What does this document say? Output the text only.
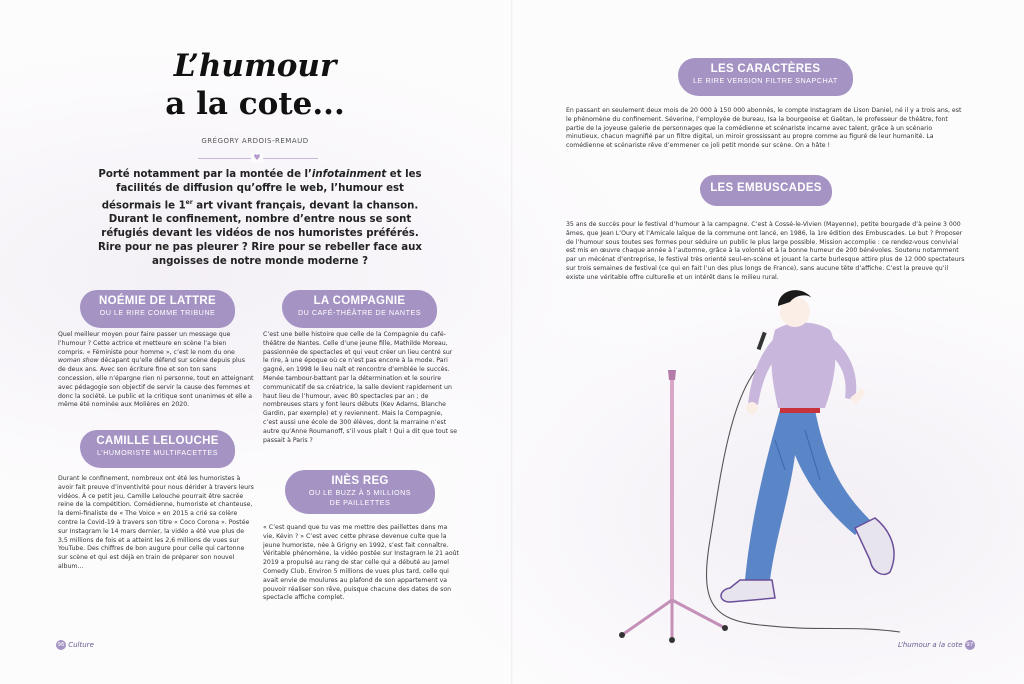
L’humour
a la cote...
GRÉGORY ARDOIS-REMAUD
♥
Porté notamment par la montée de l’infotainment et les facilités de diffusion qu’offre le web, l’humour est désormais le 1er art vivant français, devant la chanson. Durant le confinement, nombre d’entre nous se sont réfugiés devant les vidéos de nos humoristes préférés. Rire pour ne pas pleurer ? Rire pour se rebeller face aux angoisses de notre monde moderne ?
NOÉMIE DE LATTRE
OU LE RIRE COMME TRIBUNE
Quel meilleur moyen pour faire passer un message que l’humour ? Cette actrice et metteure en scène l’a bien compris. « Féministe pour homme », c’est le nom du one woman show décapant qu’elle défend sur scène depuis plus de deux ans. Avec son écriture fine et son ton sans concession, elle n’épargne rien ni personne, tout en atteignant avec pédagogie son objectif de servir la cause des femmes et donc la société. Le public et la critique sont unanimes et elle a même été nominée aux Molières en 2020.
CAMILLE LELOUCHE
L’HUMORISTE MULTIFACETTES
Durant le confinement, nombreux ont été les humoristes à avoir fait preuve d’inventivité pour nous dérider à travers leurs vidéos. À ce petit jeu, Camille Lelouche pourrait être sacrée reine de la compétition. Comédienne, humoriste et chanteuse, la demi-finaliste de « The Voice » en 2015 a crié sa colère contre la Covid-19 à travers son titre « Coco Corona ». Postée sur Instagram le 14 mars dernier, la vidéo a été vue plus de 3,5 millions de fois et a atteint les 2,6 millions de vues sur YouTube. Des chiffres de bon augure pour celle qui cartonne sur scène et qui est déjà en train de préparer son nouvel album...
LA COMPAGNIE
DU CAFÉ-THÉÂTRE DE NANTES
C’est une belle histoire que celle de la Compagnie du café-théâtre de Nantes. Celle d’une jeune fille, Mathilde Moreau, passionnée de spectacles et qui veut créer un lieu centré sur le rire, à une époque où ce n’est pas encore à la mode. Pari gagné, en 1998 le lieu naît et rencontre d’emblée le succès. Menée tambour-battant par la détermination et le sourire communicatif de sa créatrice, la salle devient rapidement un haut lieu de l’humour, avec 80 spectacles par an ; de nombreuses stars y font leurs débuts (Kev Adams, Blanche Gardin, par exemple) et y reviennent. Mais la Compagnie, c’est aussi une école de 300 élèves, dont la marraine n’est autre qu’Anne Roumanoff, s’il vous plaît ! Qui a dit que tout se passait à Paris ?
INÈS REG
OU LE BUZZ À 5 MILLIONS
DE PAILLETTES
« C’est quand que tu vas me mettre des paillettes dans ma vie, Kévin ? » C’est avec cette phrase devenue culte que la jeune humoriste, née à Grigny en 1992, s’est fait connaître. Véritable phénomène, la vidéo postée sur Instagram le 21 août 2019 a propulsé au rang de star celle qui a débuté au Jamel Comedy Club. Environ 5 millions de vues plus tard, celle qui avait envie de moulures au plafond de son appartement va pouvoir réaliser son rêve, puisque chacune des dates de son spectacle affiche complet.
LES CARACTÈRES
LE RIRE VERSION FILTRE SNAPCHAT
En passant en seulement deux mois de 20 000 à 150 000 abonnés, le compte Instagram de Lison Daniel, né il y a trois ans, est le phénomène du confinement. Séverine, l’employée de bureau, Isa la bourgeoise et Gaëtan, le professeur de théâtre, font partie de la joyeuse galerie de personnages que la comédienne et scénariste incarne avec talent, grâce à un scénario minutieux, chacun magnifié par un filtre digital, un miroir grossissant au propre comme au figuré de leur humanité. La comédienne et scénariste rêve d’emmener ce joli petit monde sur scène. On a hâte !
LES EMBUSCADES
35 ans de succès pour le festival d’humour à la campagne. C’est à Cossé-le-Vivien (Mayenne), petite bourgade d’à peine 3 000 âmes, que Jean L’Oury et l’Amicale laïque de la commune ont lancé, en 1986, la 1re édition des Embuscades. Le but ? Proposer de l’humour sous toutes ses formes pour séduire un public le plus large possible. Mission accomplie : ce rendez-vous convivial est mis en œuvre chaque année à l’automne, grâce à la volonté et à la bonne humeur de 200 bénévoles. Soutenu notamment par un mécénat d’entreprise, le festival très orienté seul-en-scène et jouant la carte burlesque attire plus de 12 000 spectateurs sur trois semaines de festival (ce qui en fait l’un des plus longs de France), sans aucune tête d’affiche. C’est la preuve qu’il existe une véritable offre culturelle et un intérêt dans le milieu rural.
96 Culture	L’humour a la cote 97
